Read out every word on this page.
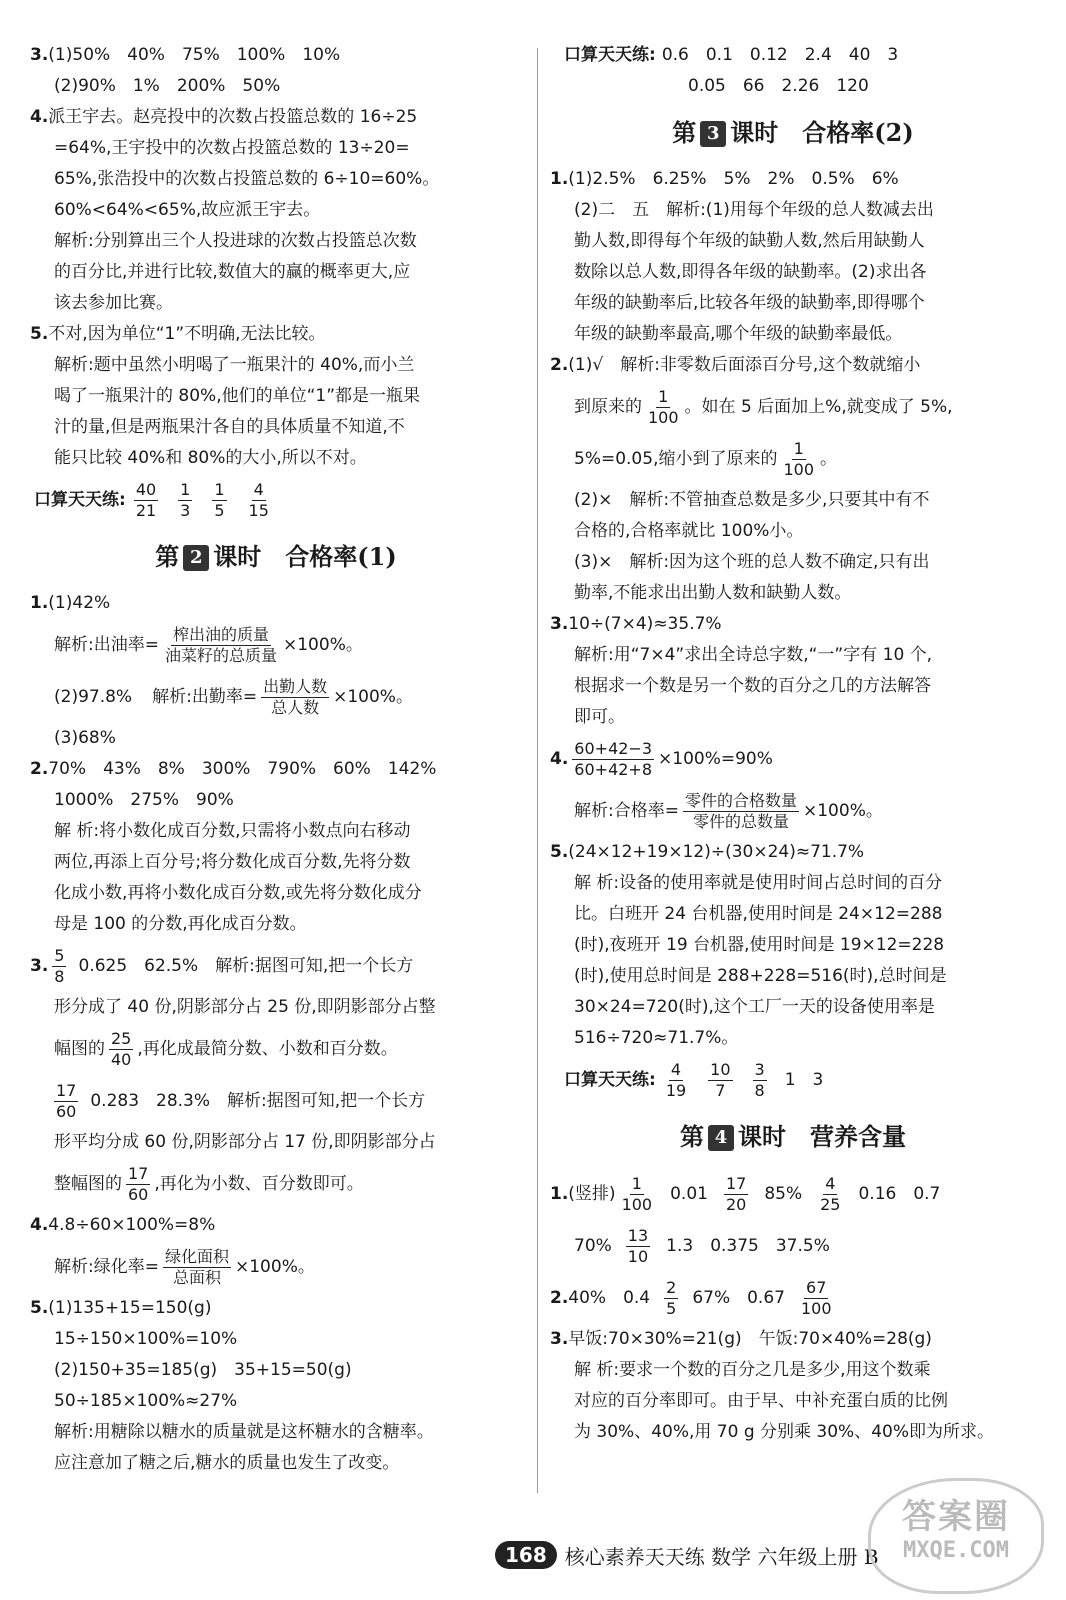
3.(1)50%　40%　75%　100%　10%
(2)90%　1%　200%　50%
4.派王宇去。赵亮投中的次数占投篮总数的 16÷25
=64%,王宇投中的次数占投篮总数的 13÷20=
65%,张浩投中的次数占投篮总数的 6÷10=60%。
60%<64%<65%,故应派王宇去。
解析:分别算出三个人投进球的次数占投篮总次数
的百分比,并进行比较,数值大的赢的概率更大,应
该去参加比赛。
5.不对,因为单位“1”不明确,无法比较。
解析:题中虽然小明喝了一瓶果汁的 40%,而小兰
喝了一瓶果汁的 80%,他们的单位“1”都是一瓶果
汁的量,但是两瓶果汁各自的具体质量不知道,不
能只比较 40%和 80%的大小,所以不对。
口算天天练: $\frac{40}{21} \frac{1}{3} \frac{1}{5} \frac{4}{15}$
第 2 课时　合格率(1)
1.(1)42%
解析:出油率= $\frac{\text{榨出油的质量}}{\text{油菜籽的总质量}} \times 100\%$。
(2)97.8% 解析:出勤率= $\frac{\text{出勤人数}}{\text{总人数}} \times 100\%$。
(3)68%
2.70%　43%　8%　300%　790%　60%　142%
1000%　275%　90%
解 析:将小数化成百分数,只需将小数点向右移动
两位,再添上百分号;将分数化成百分数,先将分数
化成小数,再将小数化成百分数,或先将分数化成分
母是 100 的分数,再化成百分数。
3. $\frac{5}{8} 0.625$　62.5%　解析:据图可知,把一个长方
形分成了 40 份,阴影部分占 25 份,即阴影部分占整
幅图的 $\frac{25}{40}$ ,再化成最简分数、小数和百分数。
$\frac{17}{60} 0.283$　28.3%　解析:据图可知,把一个长方
形平均分成 60 份,阴影部分占 17 份,即阴影部分占
整幅图的 $\frac{17}{60}$ ,再化为小数、百分数即可。
4.4.8÷60×100%=8%
解析:绿化率= $\frac{\text{绿化面积}}{\text{总面积}} \times 100\%$。
5.(1)135+15=150(g)
15÷150×100%=10%
(2)150+35=185(g)　35+15=50(g)
50÷185×100%≈27%
解析:用糖除以糖水的质量就是这杯糖水的含糖率。
应注意加了糖之后,糖水的质量也发生了改变。
口算天天练: 0.6　0.1　0.12　2.4　40　3
0.05　66　2.26　120
第 3 课时　合格率(2)
1.(1)2.5%　6.25%　5%　2%　0.5%　6%
(2)二　五　解析:(1)用每个年级的总人数减去出
勤人数,即得每个年级的缺勤人数,然后用缺勤人
数除以总人数,即得各年级的缺勤率。(2)求出各
年级的缺勤率后,比较各年级的缺勤率,即得哪个
年级的缺勤率最高,哪个年级的缺勤率最低。
2.(1)√　解析:非零数后面添百分号,这个数就缩小
到原来的 $\frac{1}{100}$ 。如在 5 后面加上%,就变成了 5%,
5%=0.05,缩小到了原来的 $\frac{1}{100}$ 。
(2)×　解析:不管抽查总数是多少,只要其中有不
合格的,合格率就比 100%小。
(3)×　解析:因为这个班的总人数不确定,只有出
勤率,不能求出出勤人数和缺勤人数。
3.10÷(7×4)≈35.7%
解析:用“7×4”求出全诗总字数,“一”字有 10 个,
根据求一个数是另一个数的百分之几的方法解答
即可。
4. $\frac{60+42-3}{60+42+8} \times 100\%=90\%$
解析:合格率= $\frac{\text{零件的合格数量}}{\text{零件的总数量}} \times 100\%$。
5.(24×12+19×12)÷(30×24)≈71.7%
解 析:设备的使用率就是使用时间占总时间的百分
比。白班开 24 台机器,使用时间是 24×12=288
(时),夜班开 19 台机器,使用时间是 19×12=228
(时),使用总时间是 288+228=516(时),总时间是
30×24=720(时),这个工厂一天的设备使用率是
516÷720≈71.7%。
口算天天练: $\frac{4}{19} \frac{10}{7} \frac{3}{8} 1$　3
第 4 课时　营养含量
1. (竖排) $\frac{1}{100} 0.01 \frac{17}{20} 85\% \frac{4}{25} 0.16$　0.7
$70\% \frac{13}{10} 1.3$　0.375　37.5%
2. 40%　$0.4 \frac{2}{5} 67\%$　$0.67 \frac{67}{100}$
3.早饭:70×30%=21(g)　午饭:70×40%=28(g)
解 析:要求一个数的百分之几是多少,用这个数乘
对应的百分率即可。由于早、中补充蛋白质的比例
为 30%、40%,用 70 g 分别乘 30%、40%即为所求。
168 核心素养天天练 数学 六年级上册 B
答案圈
MXQE.COM
